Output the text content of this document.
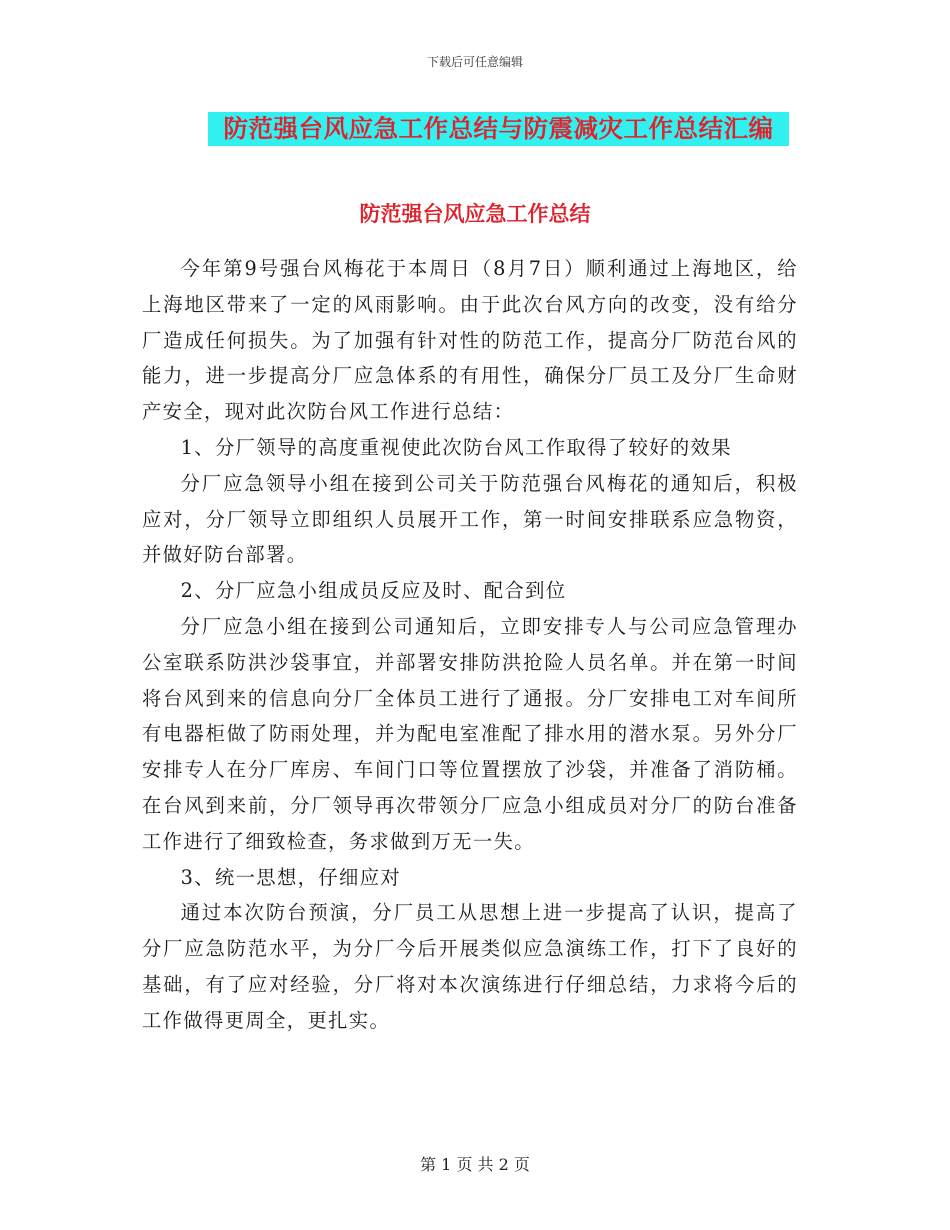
下载后可任意编辑
防范强台风应急工作总结与防震减灾工作总结汇编
防范强台风应急工作总结

今年第9号强台风梅花于本周日（8月7日）顺利通过上海地区，给上海地区带来了一定的风雨影响。由于此次台风方向的改变，没有给分厂造成任何损失。为了加强有针对性的防范工作，提高分厂防范台风的能力，进一步提高分厂应急体系的有用性，确保分厂员工及分厂生命财产安全，现对此次防台风工作进行总结：

1、分厂领导的高度重视使此次防台风工作取得了较好的效果

分厂应急领导小组在接到公司关于防范强台风梅花的通知后，积极应对，分厂领导立即组织人员展开工作，第一时间安排联系应急物资，并做好防台部署。

2、分厂应急小组成员反应及时、配合到位

分厂应急小组在接到公司通知后，立即安排专人与公司应急管理办公室联系防洪沙袋事宜，并部署安排防洪抢险人员名单。并在第一时间将台风到来的信息向分厂全体员工进行了通报。分厂安排电工对车间所有电器柜做了防雨处理，并为配电室准配了排水用的潜水泵。另外分厂安排专人在分厂库房、车间门口等位置摆放了沙袋，并准备了消防桶。在台风到来前，分厂领导再次带领分厂应急小组成员对分厂的防台准备工作进行了细致检查，务求做到万无一失。

3、统一思想，仔细应对

通过本次防台预演，分厂员工从思想上进一步提高了认识，提高了分厂应急防范水平，为分厂今后开展类似应急演练工作，打下了良好的基础，有了应对经验，分厂将对本次演练进行仔细总结，力求将今后的工作做得更周全，更扎实。

第 1 页 共 2 页
